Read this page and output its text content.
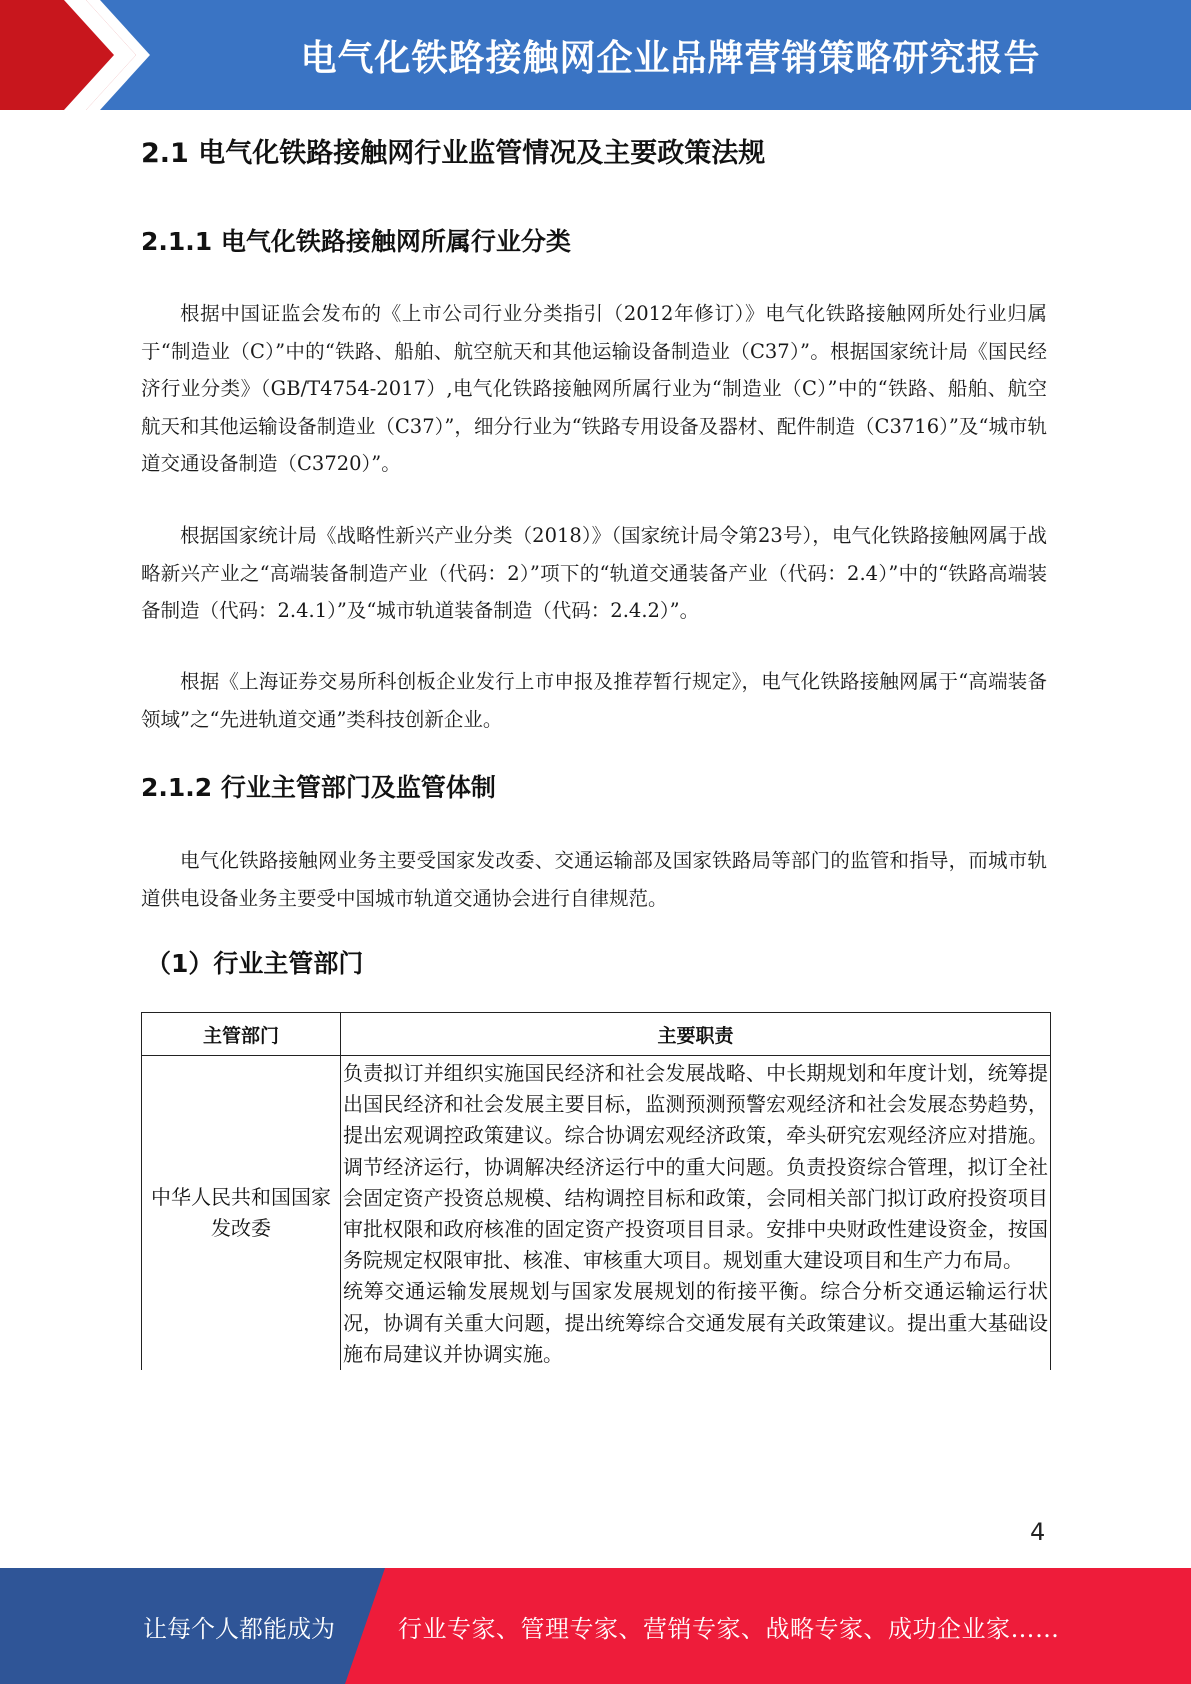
电气化铁路接触网企业品牌营销策略研究报告
2.1 电气化铁路接触网行业监管情况及主要政策法规
2.1.1 电气化铁路接触网所属行业分类

根据中国证监会发布的《上市公司行业分类指引（2012年修订）》电气化铁路接触网所处行业归属于“制造业（C）”中的“铁路、船舶、航空航天和其他运输设备制造业（C37）”。根据国家统计局《国民经济行业分类》（GB/T4754-2017）,电气化铁路接触网所属行业为“制造业（C）”中的“铁路、船舶、航空航天和其他运输设备制造业（C37）”，细分行业为“铁路专用设备及器材、配件制造（C3716）”及“城市轨道交通设备制造（C3720）”。

根据国家统计局《战略性新兴产业分类（2018）》（国家统计局令第23号），电气化铁路接触网属于战略新兴产业之“高端装备制造产业（代码：2）”项下的“轨道交通装备产业（代码：2.4）”中的“铁路高端装备制造（代码：2.4.1）”及“城市轨道装备制造（代码：2.4.2）”。

根据《上海证券交易所科创板企业发行上市申报及推荐暂行规定》，电气化铁路接触网属于“高端装备领域”之“先进轨道交通”类科技创新企业。

2.1.2 行业主管部门及监管体制

电气化铁路接触网业务主要受国家发改委、交通运输部及国家铁路局等部门的监管和指导，而城市轨道供电设备业务主要受中国城市轨道交通协会进行自律规范。

（1）行业主管部门
主管部门	主要职责
中华人民共和国国家发改委	负责拟订并组织实施国民经济和社会发展战略、中长期规划和年度计划，统筹提出国民经济和社会发展主要目标，监测预测预警宏观经济和社会发展态势趋势，提出宏观调控政策建议。综合协调宏观经济政策，牵头研究宏观经济应对措施。调节经济运行，协调解决经济运行中的重大问题。负责投资综合管理，拟订全社会固定资产投资总规模、结构调控目标和政策，会同相关部门拟订政府投资项目审批权限和政府核准的固定资产投资项目目录。安排中央财政性建设资金，按国务院规定权限审批、核准、审核重大项目。规划重大建设项目和生产力布局。
统筹交通运输发展规划与国家发展规划的衔接平衡。综合分析交通运输运行状况，协调有关重大问题，提出统筹综合交通发展有关政策建议。提出重大基础设施布局建议并协调实施。
4
让每个人都能成为	行业专家、管理专家、营销专家、战略专家、成功企业家……
